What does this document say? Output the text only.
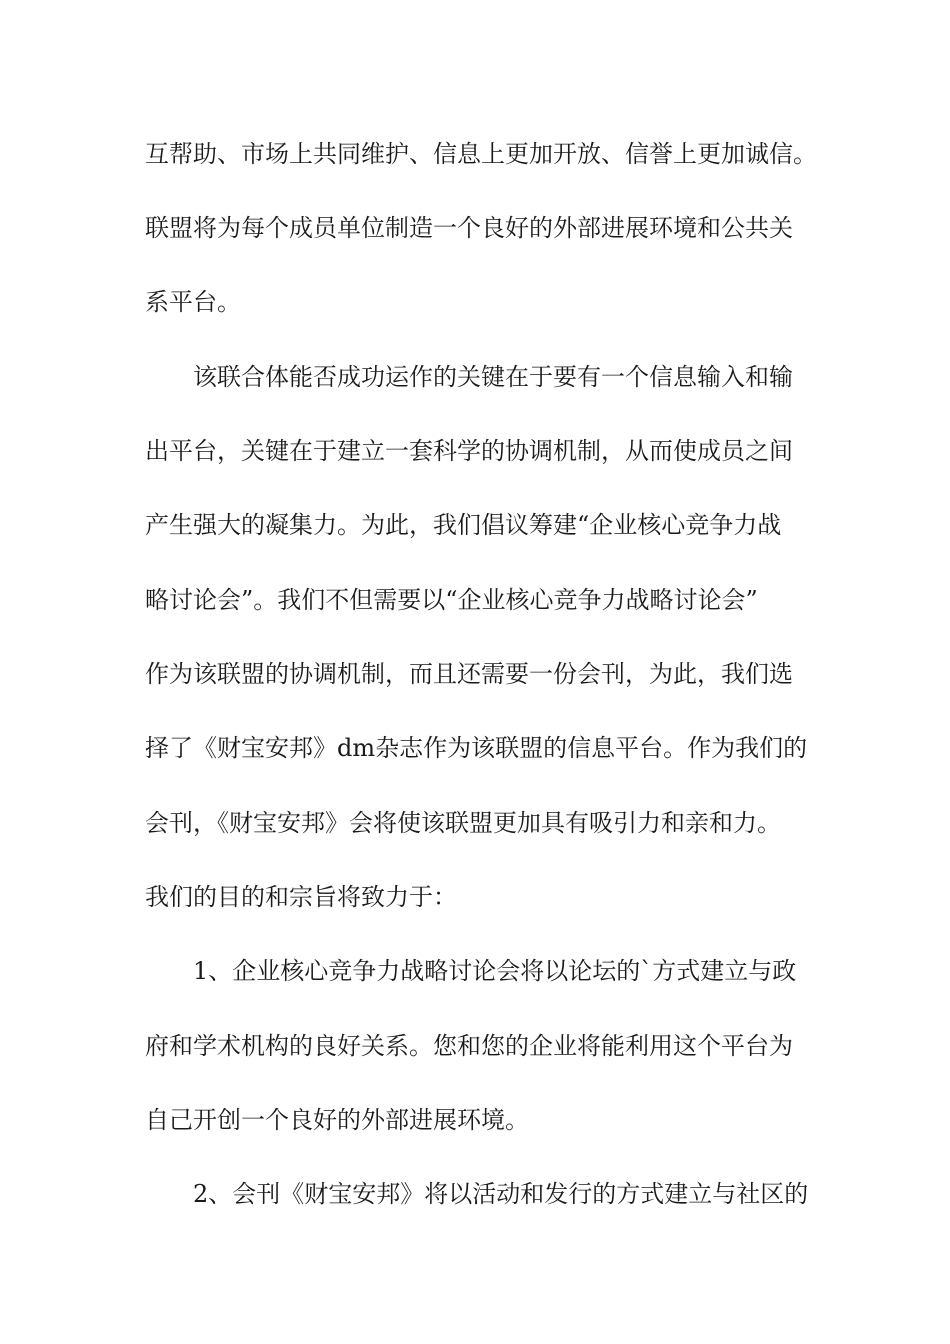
互帮助、市场上共同维护、信息上更加开放、信誉上更加诚信。

联盟将为每个成员单位制造一个良好的外部进展环境和公共关

系平台。

该联合体能否成功运作的关键在于要有一个信息输入和输

出平台，关键在于建立一套科学的协调机制，从而使成员之间

产生强大的凝集力。为此，我们倡议筹建“企业核心竞争力战

略讨论会”。我们不但需要以“企业核心竞争力战略讨论会”

作为该联盟的协调机制，而且还需要一份会刊，为此，我们选

择了《财宝安邦》dm杂志作为该联盟的信息平台。作为我们的

会刊，《财宝安邦》会将使该联盟更加具有吸引力和亲和力。

我们的目的和宗旨将致力于：

1、企业核心竞争力战略讨论会将以论坛的`方式建立与政

府和学术机构的良好关系。您和您的企业将能利用这个平台为

自己开创一个良好的外部进展环境。

2、会刊《财宝安邦》将以活动和发行的方式建立与社区的
